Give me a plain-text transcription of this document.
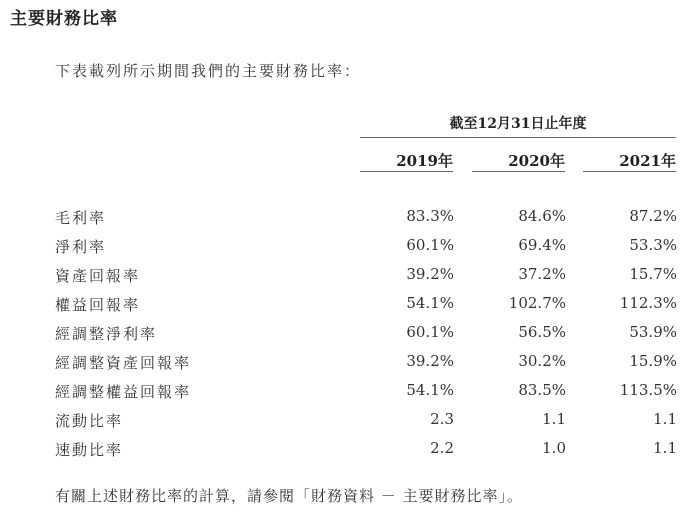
主要財務比率
下表載列所示期間我們的主要財務比率：
截至12月31日止年度
2019年	2020年	2021年
毛利率	83.3%	84.6%	87.2%
淨利率	60.1%	69.4%	53.3%
資產回報率	39.2%	37.2%	15.7%
權益回報率	54.1%	102.7%	112.3%
經調整淨利率	60.1%	56.5%	53.9%
經調整資產回報率	39.2%	30.2%	15.9%
經調整權益回報率	54.1%	83.5%	113.5%
流動比率	2.3	1.1	1.1
速動比率	2.2	1.0	1.1
有關上述財務比率的計算，請參閱「財務資料 － 主要財務比率」。
